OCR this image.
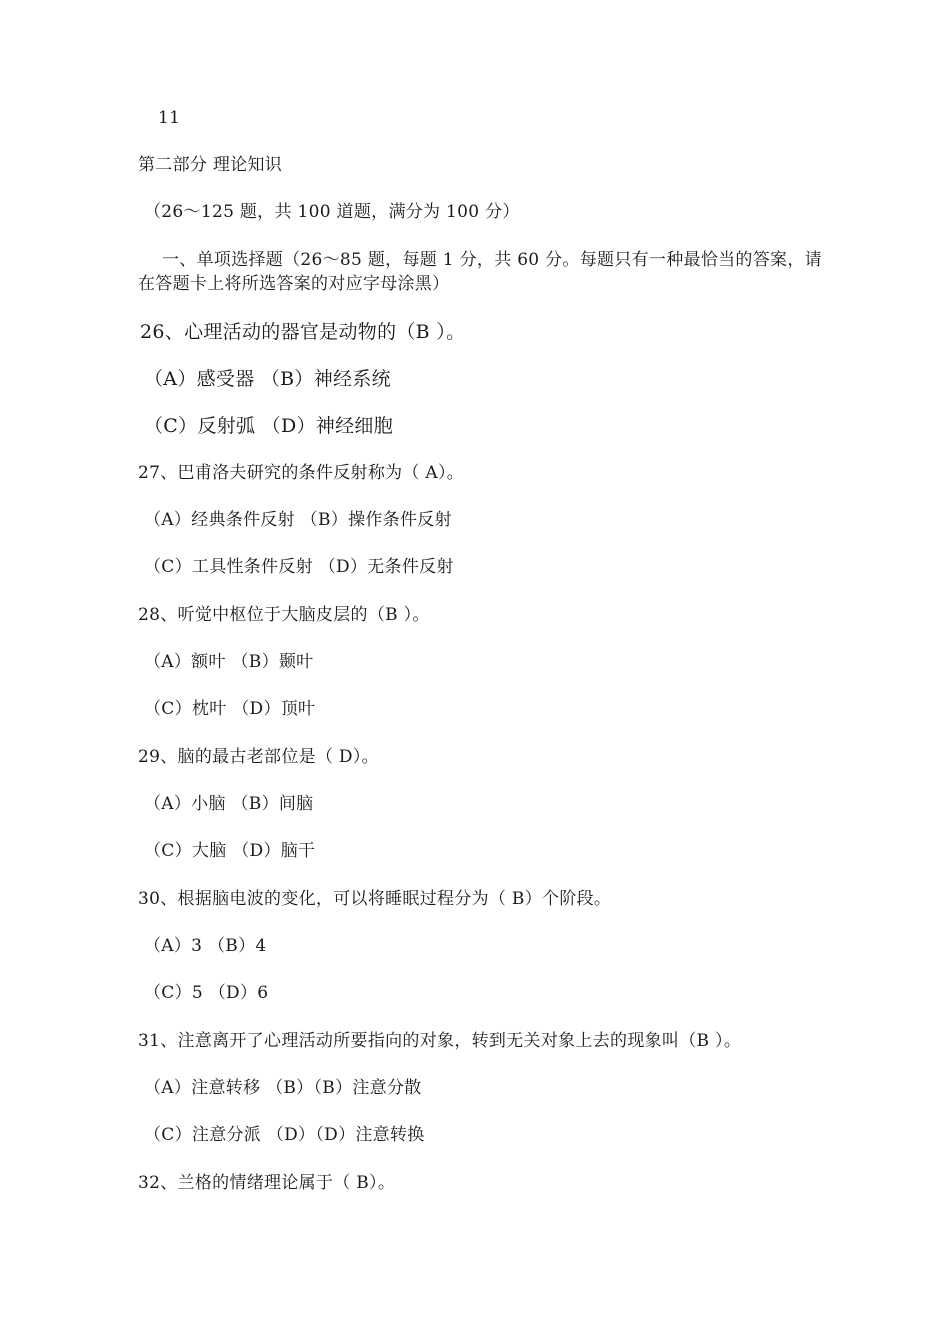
11
第二部分 理论知识
（26～125 题，共 100 道题，满分为 100 分）
一、单项选择题（26～85 题，每题 1 分，共 60 分。每题只有一种最恰当的答案，请在答题卡上将所选答案的对应字母涂黑）
26、心理活动的器官是动物的（B ）。
（A）感受器 （B）神经系统
（C）反射弧 （D）神经细胞
27、巴甫洛夫研究的条件反射称为（ A）。
（A）经典条件反射 （B）操作条件反射
（C）工具性条件反射 （D）无条件反射
28、听觉中枢位于大脑皮层的（B ）。
（A）额叶 （B）颞叶
（C）枕叶 （D）顶叶
29、脑的最古老部位是（ D）。
（A）小脑 （B）间脑
（C）大脑 （D）脑干
30、根据脑电波的变化，可以将睡眠过程分为（ B）个阶段。
（A）3 （B）4
（C）5 （D）6
31、注意离开了心理活动所要指向的对象，转到无关对象上去的现象叫（B ）。
（A）注意转移 （B）（B）注意分散
（C）注意分派 （D）（D）注意转换
32、兰格的情绪理论属于（ B）。
